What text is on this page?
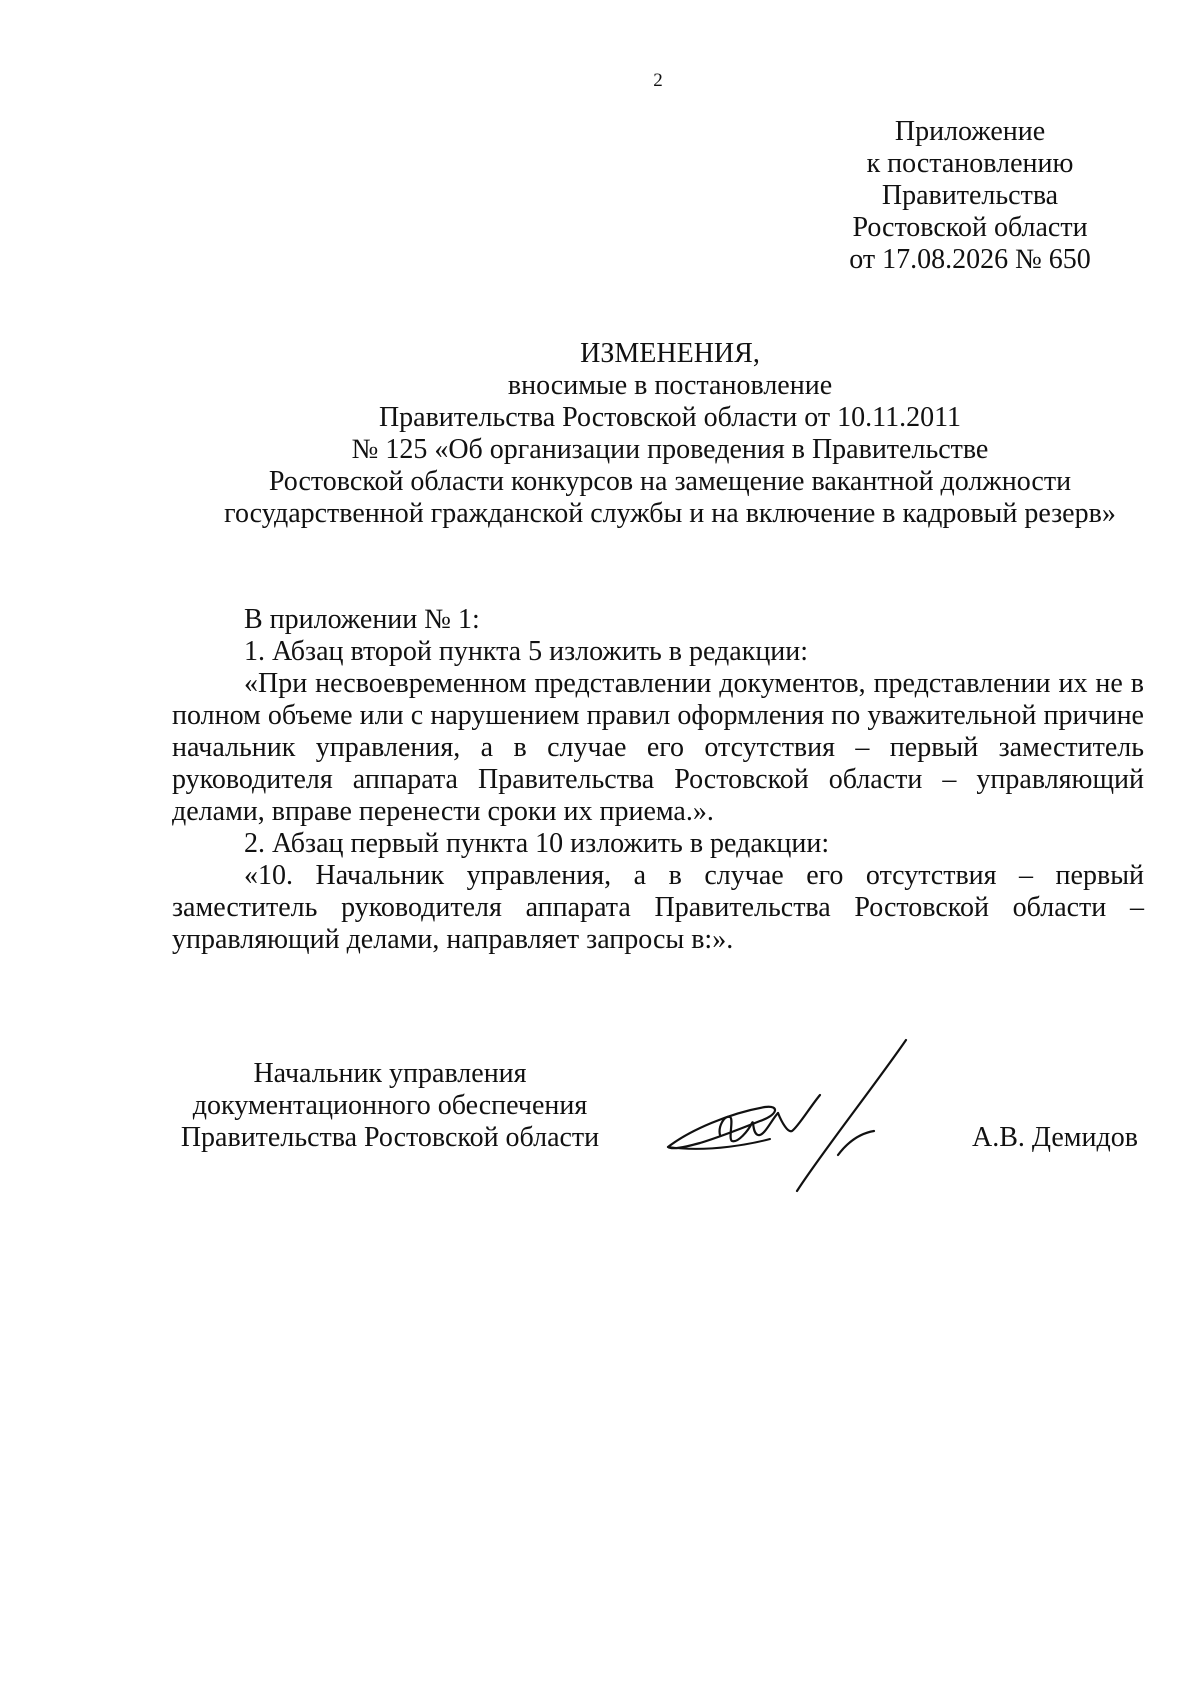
2
Приложение
к постановлению
Правительства
Ростовской области
от 17.08.2026 № 650
ИЗМЕНЕНИЯ,
вносимые в постановление
Правительства Ростовской области от 10.11.2011
№ 125 «Об организации проведения в Правительстве
Ростовской области конкурсов на замещение вакантной должности
государственной гражданской службы и на включение в кадровый резерв»

В приложении № 1:

1. Абзац второй пункта 5 изложить в редакции:

«При несвоевременном представлении документов, представлении их не в полном объеме или с нарушением правил оформления по уважительной причине начальник управления, а в случае его отсутствия – первый заместитель руководителя аппарата Правительства Ростовской области – управляющий делами, вправе перенести сроки их приема.».

2. Абзац первый пункта 10 изложить в редакции:

«10. Начальник управления, а в случае его отсутствия – первый заместитель руководителя аппарата Правительства Ростовской области – управляющий делами, направляет запросы в:».

Начальник управления
документационного обеспечения
Правительства Ростовской области	А.В. Демидов
